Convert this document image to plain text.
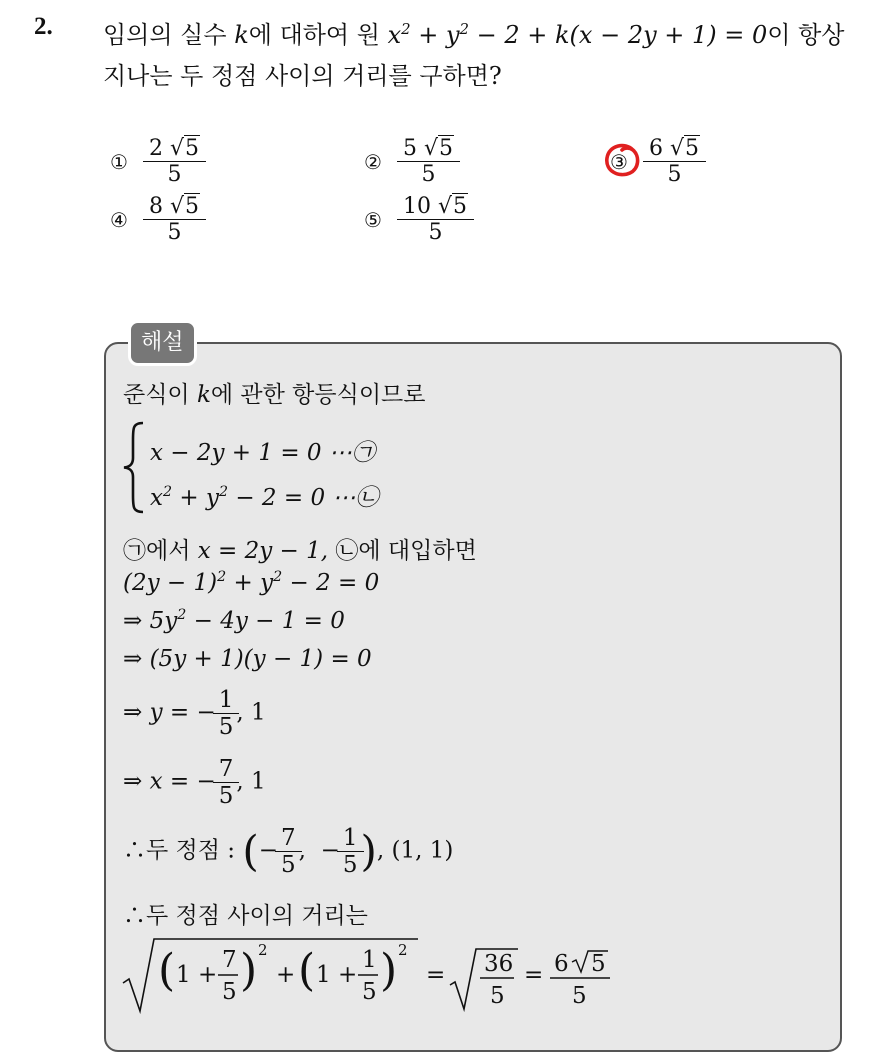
2. 임의의 실수 k에 대하여 원 $x^2 + y^2 - 2 + k(x - 2y + 1) = 0$이 항상
지나는 두 정점 사이의 거리를 구하면?
① $\frac{2 √5}{5}$	② $\frac{5 √5}{5}$	③ $\frac{6 √5}{5}$
④ $\frac{8 √5}{5}$	⑤ $\frac{10 √5}{5}$
해설
준식이 k에 관한 항등식이므로
x − 2y + 1 = 0 ⋯㉠
$x^2 + y^2 - 2 = 0$ ⋯㉡
㉠에서 x = 2y − 1, ㉡에 대입하면
$(2y - 1)^2 + y^2 - 2 = 0$
⇒ $5y^2 - 4y - 1 = 0$
⇒ (5y + 1)(y − 1) = 0
⇒ y = − $\frac{1}{5}$ , 1
⇒ x = − $\frac{7}{5}$ , 1
∴두 정점 : (− $\frac{7}{5}$ ,  − $\frac{1}{5}$ ), (1, 1)
∴두 정점 사이의 거리는
( 1 +
7
5 ) 2
+ ( 1 +
1
5 ) 2
= 36
5
= 6 5
5
